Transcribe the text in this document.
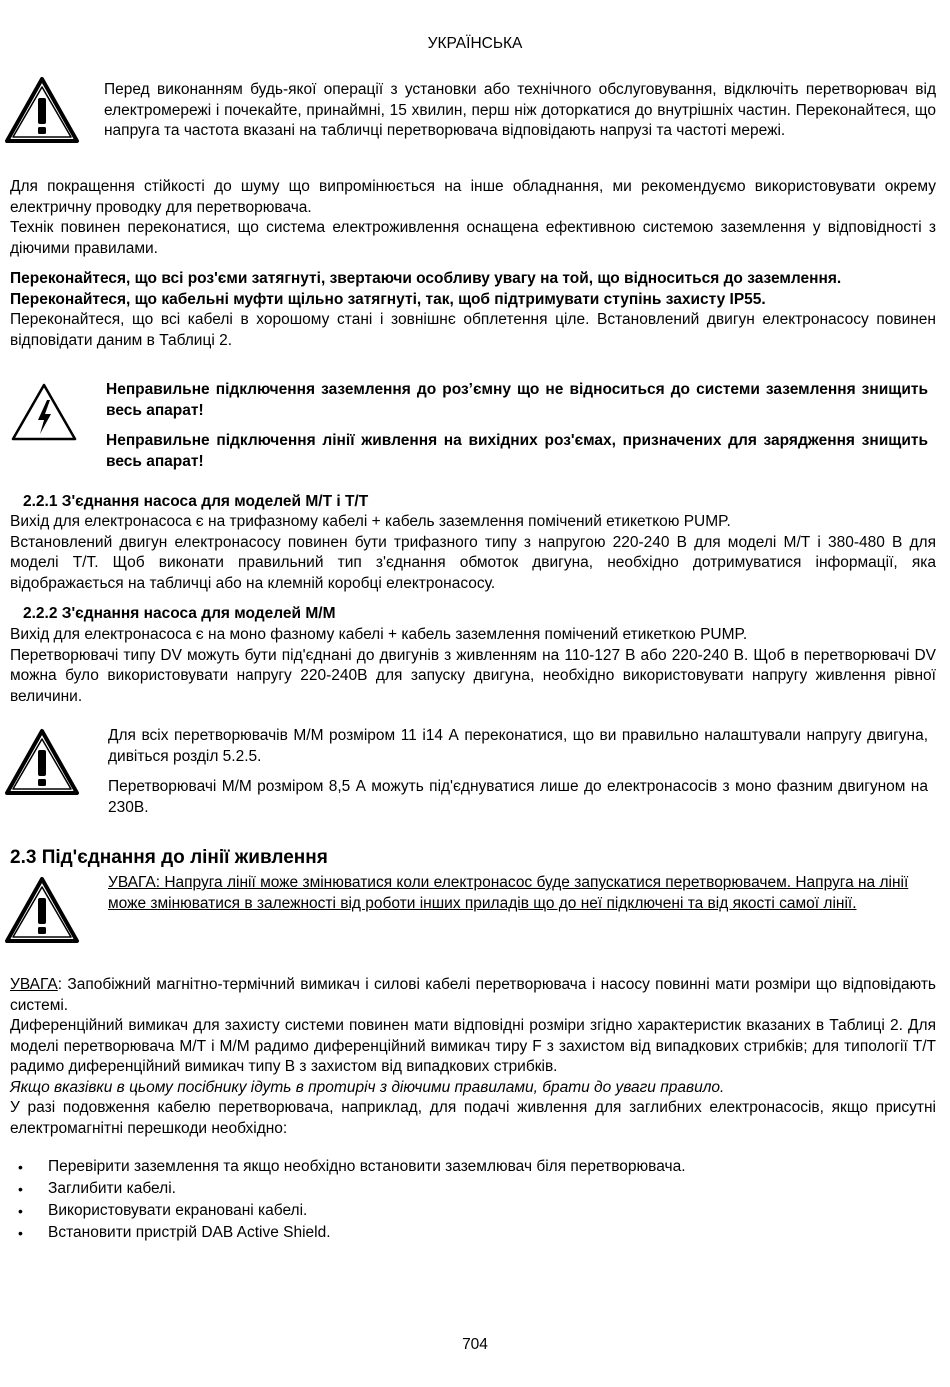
УКРАЇНСЬКА

Перед виконанням будь-якої операції з установки або технічного обслуговування, відключіть перетворювач від електромережі і почекайте, принаймні, 15 хвилин, перш ніж доторкатися до внутрішніх частин. Переконайтеся, що напруга та частота вказані на табличці перетворювача відповідають напрузі та частоті мережі.

Для покращення стійкості до шуму що випромінюється на інше обладнання, ми рекомендуємо використовувати окрему електричну проводку для перетворювача.

Технік повинен переконатися, що система електроживлення оснащена ефективною системою заземлення у відповідності з діючими правилами.

Переконайтеся, що всі роз'єми затягнуті, звертаючи особливу увагу на той, що відноситься до заземлення.

Переконайтеся, що кабельні муфти щільно затягнуті, так, щоб підтримувати ступінь захисту IP55.

Переконайтеся, що всі кабелі в хорошому стані і зовнішнє обплетення ціле. Встановлений двигун електронасосу повинен відповідати даним в Таблиці 2.

Неправильне підключення заземлення до роз’ємну що не відноситься до системи заземлення знищить весь апарат!

Неправильне підключення лінії живлення на вихідних роз'ємах, призначених для зарядження знищить весь апарат!

2.2.1 З'єднання насоса для моделей М/Т і Т/Т

Вихід для електронасоса є на трифазному кабелі + кабель заземлення помічений етикеткою PUMP.

Встановлений двигун електронасосу повинен бути трифазного типу з напругою 220-240 В для моделі М/Т і 380-480 В для моделі Т/Т. Щоб виконати правильний тип з'єднання обмоток двигуна, необхідно дотримуватися інформації, яка відображається на табличці або на клемній коробці електронасосу.

2.2.2 З'єднання насоса для моделей М/М

Вихід для електронасоса є на моно фазному кабелі + кабель заземлення помічений етикеткою PUMP.

Перетворювачі типу DV можуть бути під'єднані до двигунів з живленням на 110-127 В або 220-240 В. Щоб в перетворювачі DV можна було використовувати напругу 220-240В для запуску двигуна, необхідно використовувати напругу живлення рівної величини.

Для всіх перетворювачів М/М розміром 11 і14 А переконатися, що ви правильно налаштували напругу двигуна, дивіться розділ 5.2.5.

Перетворювачі М/М розміром 8,5 А можуть під'єднуватися лише до електронасосів з моно фазним двигуном на 230В.

2.3 Під'єднання до лінії живлення

УВАГА: Напруга лінії може змінюватися коли електронасос буде запускатися перетворювачем. Напруга на лінії може змінюватися в залежності від роботи інших приладів що до неї підключені та від якості самої лінії.

УВАГА: Запобіжний магнітно-термічний вимикач і силові кабелі перетворювача і насосу повинні мати розміри що відповідають системі.

Диференційний вимикач для захисту системи повинен мати відповідні розміри згідно характеристик вказаних в Таблиці 2. Для моделі перетворювача М/Т і М/М радимо диференційний вимикач тиру F з захистом від випадкових стрибків; для типології Т/Т радимо диференційний вимикач типу В з захистом від випадкових стрибків.

Якщо вказівки в цьому посібнику ідуть в протиріч з діючими правилами, брати до уваги правило.

У разі подовження кабелю перетворювача, наприклад, для подачі живлення для заглибних електронасосів, якщо присутні електромагнітні перешкоди необхідно:

• Перевірити заземлення та якщо необхідно встановити заземлювач біля перетворювача.
• Заглибити кабелі.
• Використовувати екрановані кабелі.
• Встановити пристрій DAB Active Shield.
704
